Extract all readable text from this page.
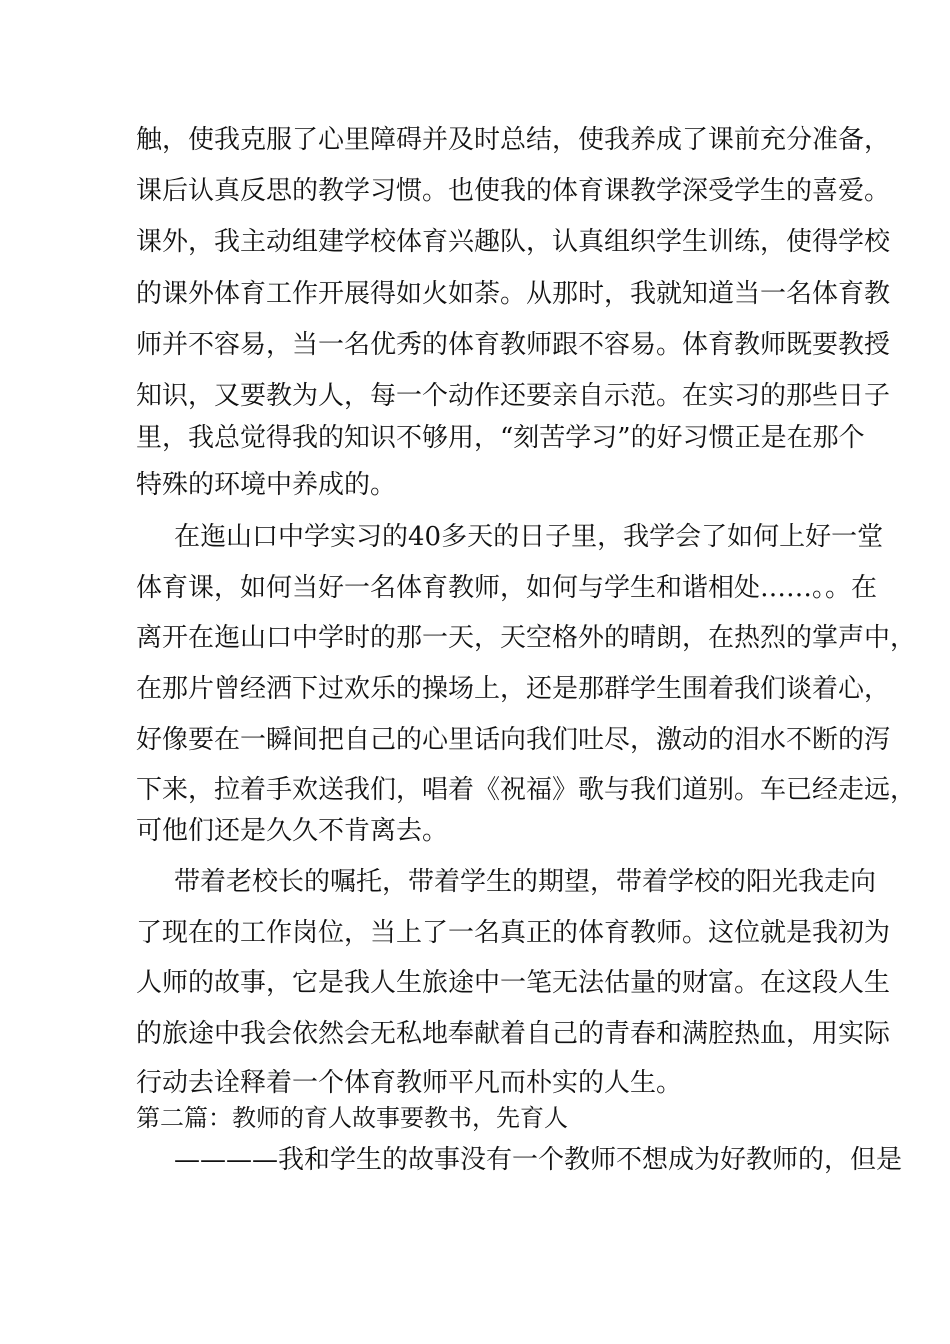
触，使我克服了心里障碍并及时总结，使我养成了课前充分准备，
课后认真反思的教学习惯。也使我的体育课教学深受学生的喜爱。
课外，我主动组建学校体育兴趣队，认真组织学生训练，使得学校
的课外体育工作开展得如火如荼。从那时，我就知道当一名体育教
师并不容易，当一名优秀的体育教师跟不容易。体育教师既要教授
知识，又要教为人，每一个动作还要亲自示范。在实习的那些日子
里，我总觉得我的知识不够用，“刻苦学习”的好习惯正是在那个
特殊的环境中养成的。
在迤山口中学实习的40多天的日子里，我学会了如何上好一堂
体育课，如何当好一名体育教师，如何与学生和谐相处……。。在
离开在迤山口中学时的那一天，天空格外的晴朗，在热烈的掌声中，
在那片曾经洒下过欢乐的操场上，还是那群学生围着我们谈着心，
好像要在一瞬间把自己的心里话向我们吐尽，激动的泪水不断的泻
下来，拉着手欢送我们，唱着《祝福》歌与我们道别。车已经走远，
可他们还是久久不肯离去。
带着老校长的嘱托，带着学生的期望，带着学校的阳光我走向
了现在的工作岗位，当上了一名真正的体育教师。这位就是我初为
人师的故事，它是我人生旅途中一笔无法估量的财富。在这段人生
的旅途中我会依然会无私地奉献着自己的青春和满腔热血，用实际
行动去诠释着一个体育教师平凡而朴实的人生。
第二篇：教师的育人故事要教书，先育人
————我和学生的故事没有一个教师不想成为好教师的，但是
